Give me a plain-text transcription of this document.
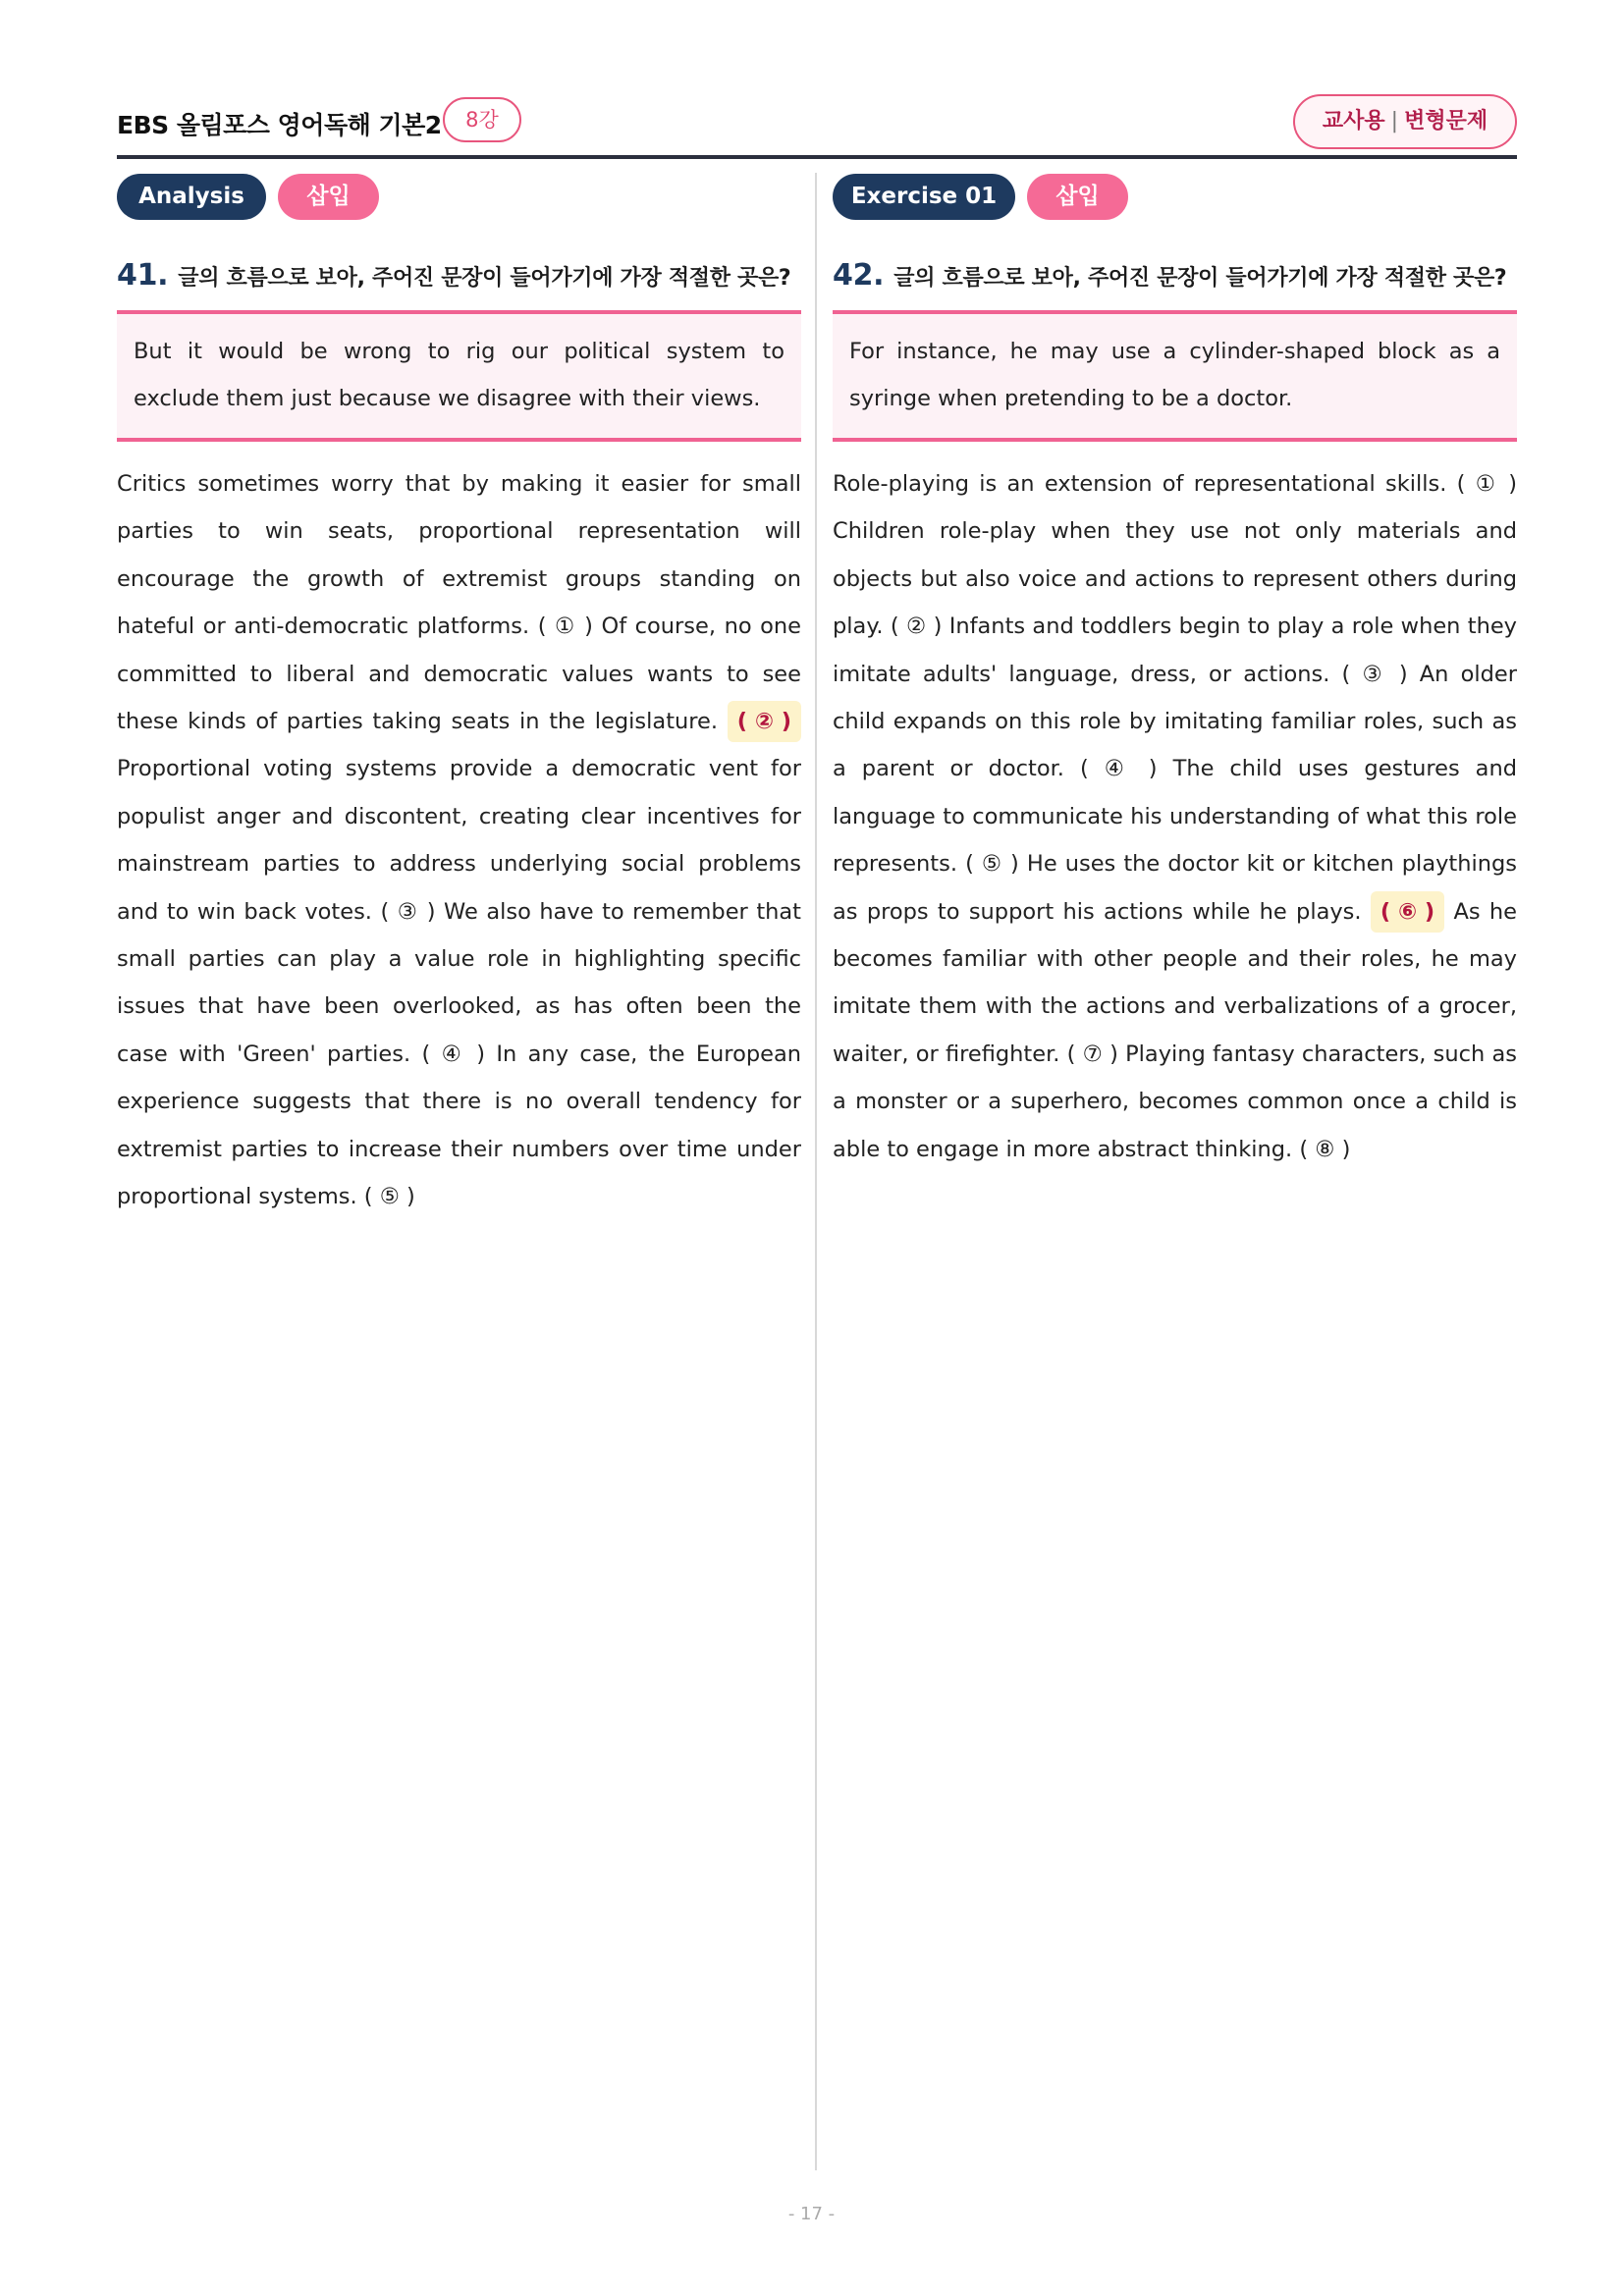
EBS 올림포스 영어독해 기본2	8강	교사용 | 변형문제
Analysis	삽입
41. 글의 흐름으로 보아, 주어진 문장이 들어가기에 가장 적절한 곳은?
But it would be wrong to rig our political system to exclude them just because we disagree with their views.
Critics sometimes worry that by making it easier for small parties to win seats, proportional representation will encourage the growth of extremist groups standing on hateful or anti-democratic platforms. ( ① ) Of course, no one committed to liberal and democratic values wants to see these kinds of parties taking seats in the legislature. ( ② ) Proportional voting systems provide a democratic vent for populist anger and discontent, creating clear incentives for mainstream parties to address underlying social problems and to win back votes. ( ③ ) We also have to remember that small parties can play a value role in highlighting specific issues that have been overlooked, as has often been the case with 'Green' parties. ( ④ ) In any case, the European experience suggests that there is no overall tendency for extremist parties to increase their numbers over time under proportional systems. ( ⑤ )
Exercise 01	삽입
42. 글의 흐름으로 보아, 주어진 문장이 들어가기에 가장 적절한 곳은?
For instance, he may use a cylinder-shaped block as a syringe when pretending to be a doctor.
Role-playing is an extension of representational skills. ( ① ) Children role-play when they use not only materials and objects but also voice and actions to represent others during play. ( ② ) Infants and toddlers begin to play a role when they imitate adults' language, dress, or actions. ( ③ ) An older child expands on this role by imitating familiar roles, such as a parent or doctor. ( ④ ) The child uses gestures and language to communicate his understanding of what this role represents. ( ⑤ ) He uses the doctor kit or kitchen playthings as props to support his actions while he plays. ( ⑥ ) As he becomes familiar with other people and their roles, he may imitate them with the actions and verbalizations of a grocer, waiter, or firefighter. ( ⑦ ) Playing fantasy characters, such as a monster or a superhero, becomes common once a child is able to engage in more abstract thinking. ( ⑧ )
- 17 -
